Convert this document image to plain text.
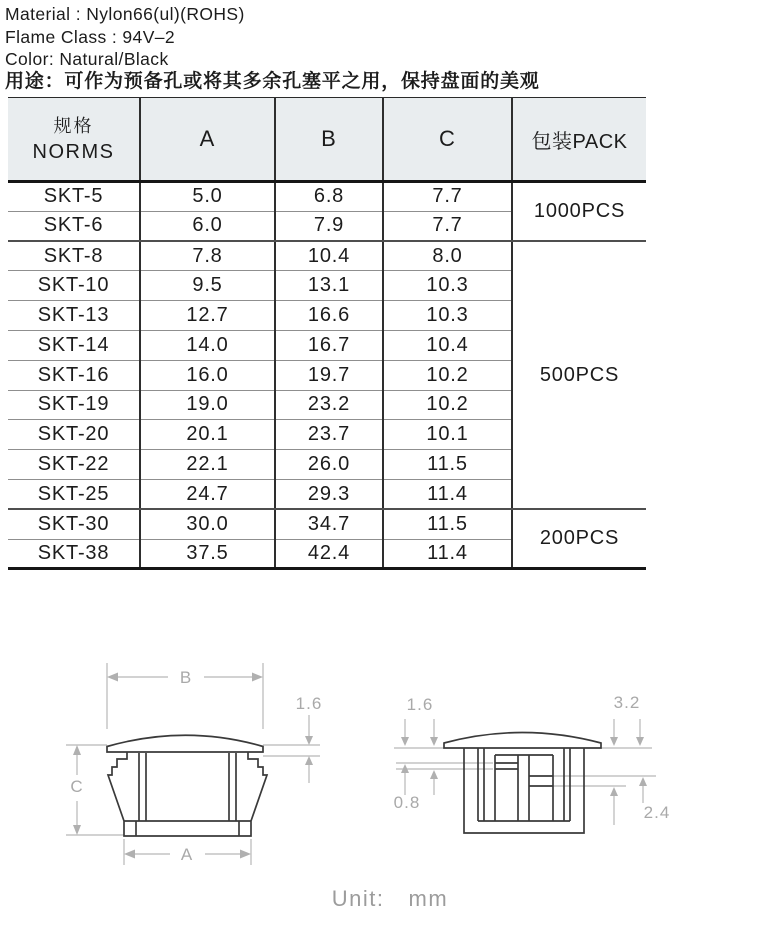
Material : Nylon66(ul)(ROHS)
Flame Class : 94V–2
Color: Natural/Black
用途：可作为预备孔或将其多余孔塞平之用，保持盘面的美观
规格
NORMS	A	B	C	包装PACK
SKT-5	5.0	6.8	7.7	1000PCS
SKT-6	6.0	7.9	7.7	
SKT-8	7.8	10.4	8.0	500PCS
SKT-10	9.5	13.1	10.3	
SKT-13	12.7	16.6	10.3	
SKT-14	14.0	16.7	10.4	
SKT-16	16.0	19.7	10.2	
SKT-19	19.0	23.2	10.2	
SKT-20	20.1	23.7	10.1	
SKT-22	22.1	26.0	11.5	
SKT-25	24.7	29.3	11.4	
SKT-30	30.0	34.7	11.5	200PCS
SKT-38	37.5	42.4	11.4	
B
1.6
C
A
1.6	3.2
0.8
2.4
Unit: mm
